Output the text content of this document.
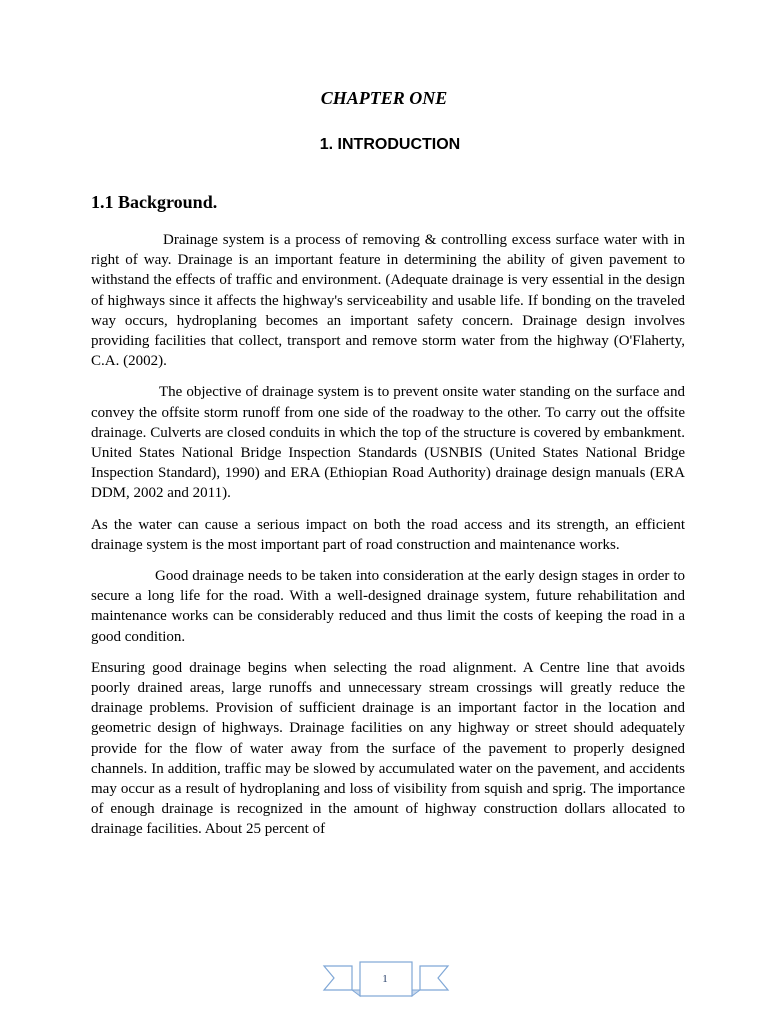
CHAPTER ONE
1. INTRODUCTION
1.1 Background.

Drainage system is a process of removing & controlling excess surface water with in right of way. Drainage is an important feature in determining the ability of given pavement to withstand the effects of traffic and environment. (Adequate drainage is very essential in the design of highways since it affects the highway's serviceability and usable life. If bonding on the traveled way occurs, hydroplaning becomes an important safety concern. Drainage design involves providing facilities that collect, transport and remove storm water from the highway (O'Flaherty, C.A. (2002).

The objective of drainage system is to prevent onsite water standing on the surface and convey the offsite storm runoff from one side of the roadway to the other. To carry out the offsite drainage. Culverts are closed conduits in which the top of the structure is covered by embankment. United States National Bridge Inspection Standards (USNBIS (United States National Bridge Inspection Standard), 1990) and ERA (Ethiopian Road Authority) drainage design manuals (ERA DDM, 2002 and 2011).

As the water can cause a serious impact on both the road access and its strength, an efficient drainage system is the most important part of road construction and maintenance works.

Good drainage needs to be taken into consideration at the early design stages in order to secure a long life for the road. With a well-designed drainage system, future rehabilitation and maintenance works can be considerably reduced and thus limit the costs of keeping the road in a good condition.

Ensuring good drainage begins when selecting the road alignment. A Centre line that avoids poorly drained areas, large runoffs and unnecessary stream crossings will greatly reduce the drainage problems. Provision of sufficient drainage is an important factor in the location and geometric design of highways. Drainage facilities on any highway or street should adequately provide for the flow of water away from the surface of the pavement to properly designed channels. In addition, traffic may be slowed by accumulated water on the pavement, and accidents may occur as a result of hydroplaning and loss of visibility from squish and sprig. The importance of enough drainage is recognized in the amount of highway construction dollars allocated to drainage facilities. About 25 percent of

1
